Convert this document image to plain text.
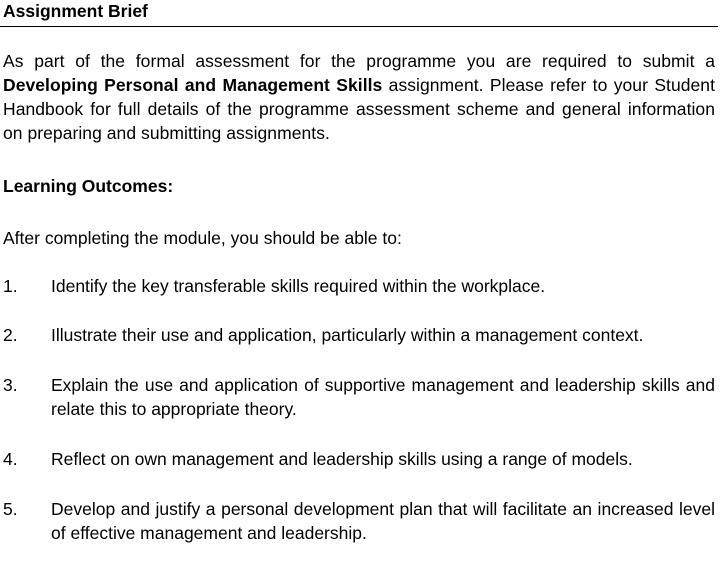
Assignment Brief

As part of the formal assessment for the programme you are required to submit a Developing Personal and Management Skills assignment. Please refer to your Student Handbook for full details of the programme assessment scheme and general information on preparing and submitting assignments.

Learning Outcomes:

After completing the module, you should be able to:

1.	Identify the key transferable skills required within the workplace.
2.	Illustrate their use and application, particularly within a management context.
3.	Explain the use and application of supportive management and leadership skills and relate this to appropriate theory.
4.	Reflect on own management and leadership skills using a range of models.
5.	Develop and justify a personal development plan that will facilitate an increased level of effective management and leadership.
